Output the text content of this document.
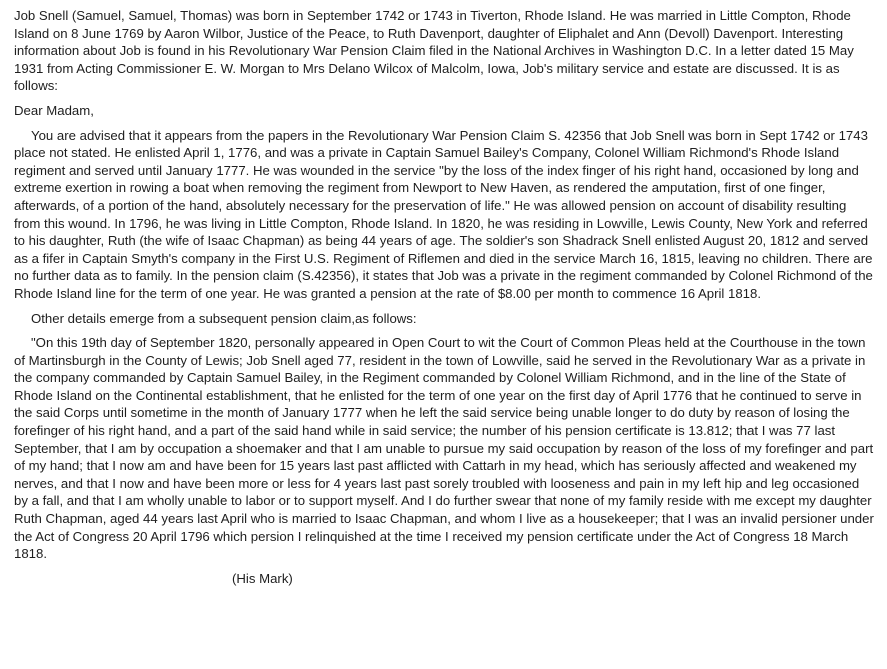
Job Snell (Samuel, Samuel, Thomas) was born in September 1742 or 1743 in Tiverton, Rhode Island. He was married in Little Compton, Rhode Island on 8 June 1769 by Aaron Wilbor, Justice of the Peace, to Ruth Davenport, daughter of Eliphalet and Ann (Devoll) Davenport. Interesting information about Job is found in his Revolutionary War Pension Claim filed in the National Archives in Washington D.C. In a letter dated 15 May 1931 from Acting Commissioner E. W. Morgan to Mrs Delano Wilcox of Malcolm, Iowa, Job's military service and estate are discussed. It is as follows:

Dear Madam,

You are advised that it appears from the papers in the Revolutionary War Pension Claim S. 42356 that Job Snell was born in Sept 1742 or 1743 place not stated. He enlisted April 1, 1776, and was a private in Captain Samuel Bailey's Company, Colonel William Richmond's Rhode Island regiment and served until January 1777. He was wounded in the service "by the loss of the index finger of his right hand, occasioned by long and extreme exertion in rowing a boat when removing the regiment from Newport to New Haven, as rendered the amputation, first of one finger, afterwards, of a portion of the hand, absolutely necessary for the preservation of life." He was allowed pension on account of disability resulting from this wound. In 1796, he was living in Little Compton, Rhode Island. In 1820, he was residing in Lowville, Lewis County, New York and referred to his daughter, Ruth (the wife of Isaac Chapman) as being 44 years of age. The soldier's son Shadrack Snell enlisted August 20, 1812 and served as a fifer in Captain Smyth's company in the First U.S. Regiment of Riflemen and died in the service March 16, 1815, leaving no children. There are no further data as to family. In the pension claim (S.42356), it states that Job was a private in the regiment commanded by Colonel Richmond of the Rhode Island line for the term of one year. He was granted a pension at the rate of $8.00 per month to commence 16 April 1818.

Other details emerge from a subsequent pension claim,as follows:

"On this 19th day of September 1820, personally appeared in Open Court to wit the Court of Common Pleas held at the Courthouse in the town of Martinsburgh in the County of Lewis; Job Snell aged 77, resident in the town of Lowville, said he served in the Revolutionary War as a private in the company commanded by Captain Samuel Bailey, in the Regiment commanded by Colonel William Richmond, and in the line of the State of Rhode Island on the Continental establishment, that he enlisted for the term of one year on the first day of April 1776 that he continued to serve in the said Corps until sometime in the month of January 1777 when he left the said service being unable longer to do duty by reason of losing the forefinger of his right hand, and a part of the said hand while in said service; the number of his pension certificate is 13.812; that I was 77 last September, that I am by occupation a shoemaker and that I am unable to pursue my said occupation by reason of the loss of my forefinger and part of my hand; that I now am and have been for 15 years last past afflicted with Cattarh in my head, which has seriously affected and weakened my nerves, and that I now and have been more or less for 4 years last past sorely troubled with looseness and pain in my left hip and leg occasioned by a fall, and that I am wholly unable to labor or to support myself. And I do further swear that none of my family reside with me except my daughter Ruth Chapman, aged 44 years last April who is married to Isaac Chapman, and whom I live as a housekeeper; that I was an invalid persioner under the Act of Congress 20 April 1796 which persion I relinquished at the time I received my pension certificate under the Act of Congress 18 March 1818.

(His Mark)
